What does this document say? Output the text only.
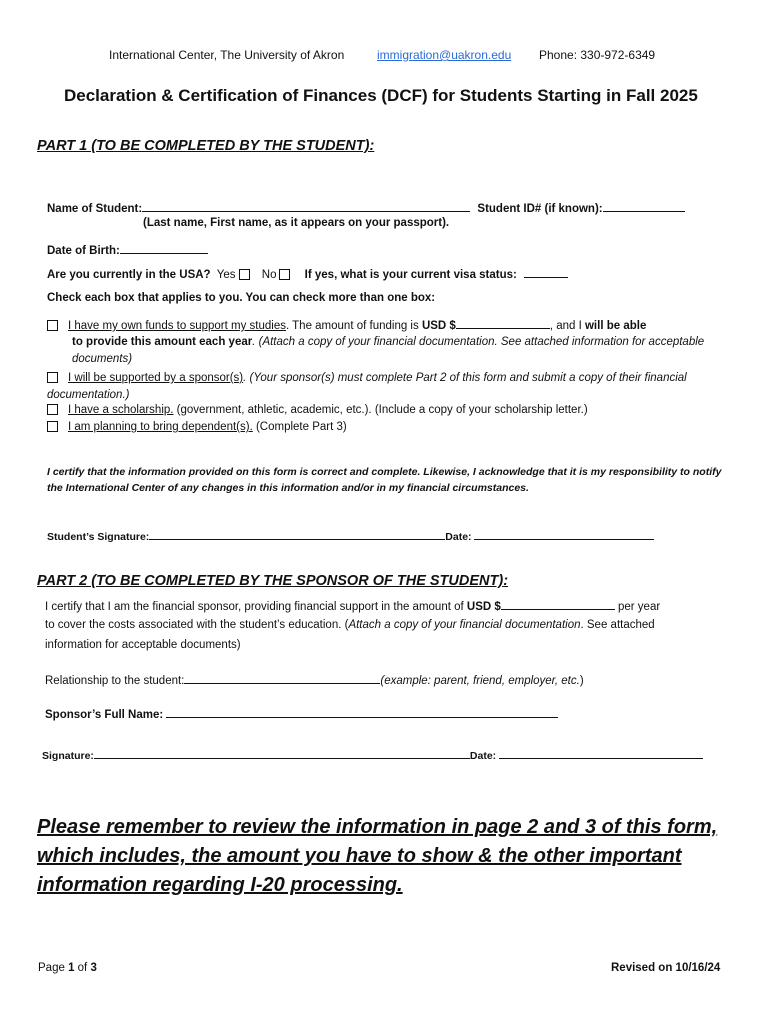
International Center, The University of Akron	immigration@uakron.edu Phone: 330-972-6349
Declaration & Certification of Finances (DCF) for Students Starting in Fall 2025
PART 1 (TO BE COMPLETED BY THE STUDENT):
Name of Student:	Student ID# (if known):
(Last name, First name, as it appears on your passport).
Date of Birth:
Are you currently in the USA? Yes No If yes, what is your current visa status:
Check each box that applies to you. You can check more than one box:
I have my own funds to support my studies. The amount of funding is USD $	, and I will be able
to provide this amount each year. (Attach a copy of your financial documentation. See attached information for acceptable documents)
I will be supported by a sponsor(s). (Your sponsor(s) must complete Part 2 of this form and submit a copy of their financial documentation.)
I have a scholarship. (government, athletic, academic, etc.). (Include a copy of your scholarship letter.)
I am planning to bring dependent(s). (Complete Part 3)
I certify that the information provided on this form is correct and complete. Likewise, I acknowledge that it is my responsibility to notify the International Center of any changes in this information and/or in my financial circumstances.
Student’s Signature:	Date:
PART 2 (TO BE COMPLETED BY THE SPONSOR OF THE STUDENT):
I certify that I am the financial sponsor, providing financial support in the amount of USD $	per year
to cover the costs associated with the student’s education. (Attach a copy of your financial documentation. See attached
information for acceptable documents)
Relationship to the student:	(example: parent, friend, employer, etc.)
Sponsor’s Full Name:
Signature:	Date:
Please remember to review the information in page 2 and 3 of this form,
which includes, the amount you have to show & the other important
information regarding I-20 processing.
Page 1 of 3	Revised on 10/16/24
